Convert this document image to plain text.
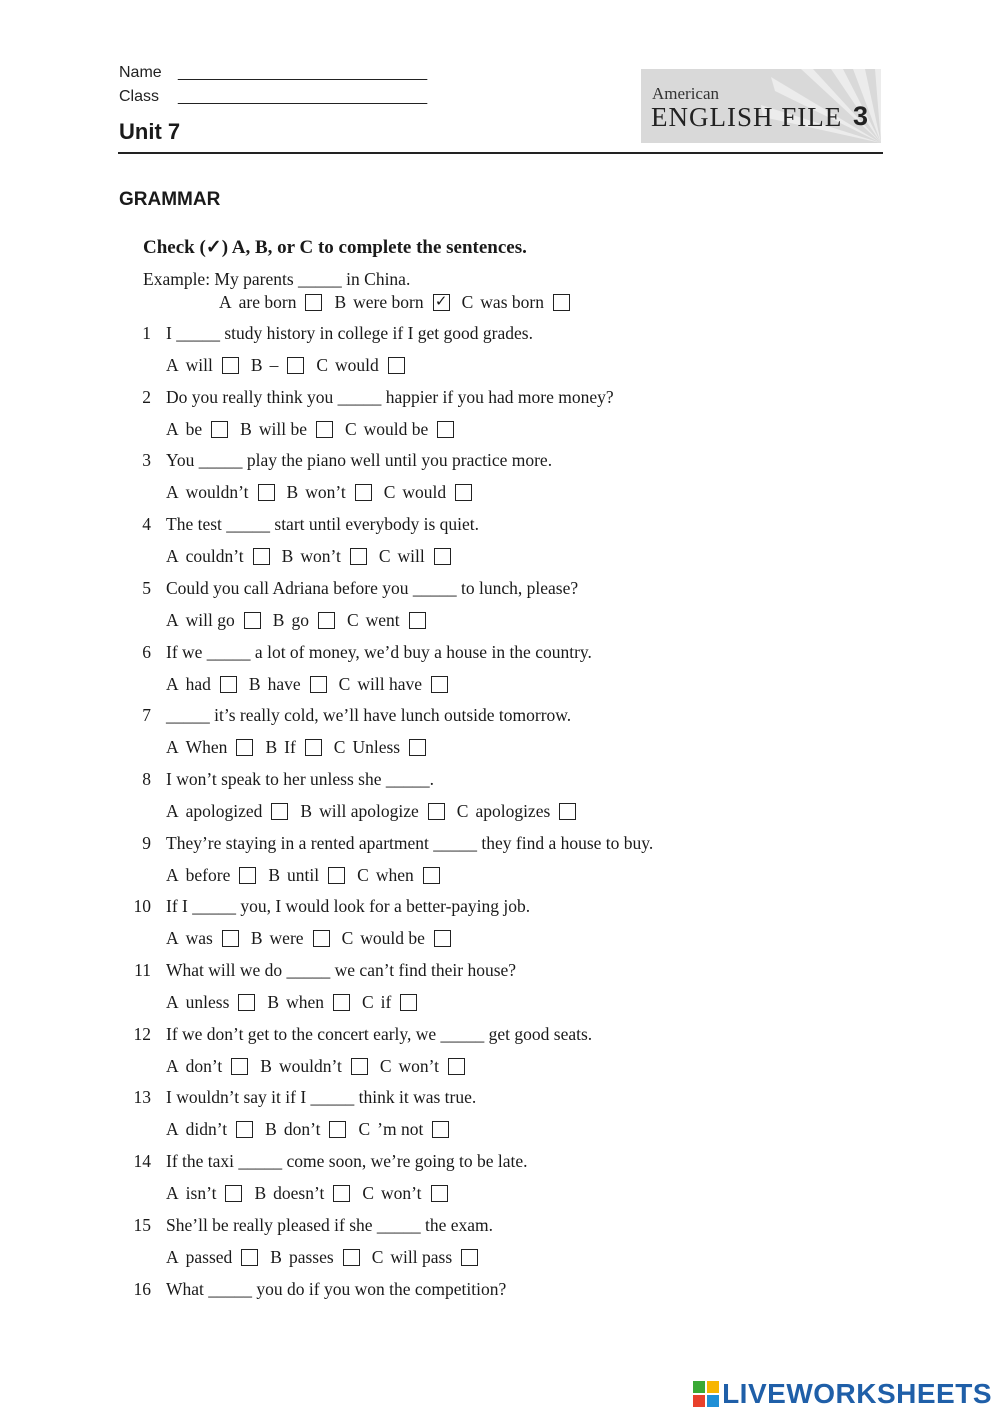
Name ____________________________
Class ____________________________
Unit 7
American
ENGLISH FILE 3
GRAMMAR
Check (✓) A, B, or C to complete the sentences.
Example: My parents _____ in China.
A are born B were born ✓ C was born
1 I _____ study history in college if I get good grades.
A will B – C would
2 Do you really think you _____ happier if you had more money?
A be B will be C would be
3 You _____ play the piano well until you practice more.
A wouldn’t B won’t C would
4 The test _____ start until everybody is quiet.
A couldn’t B won’t C will
5 Could you call Adriana before you _____ to lunch, please?
A will go B go C went
6 If we _____ a lot of money, we’d buy a house in the country.
A had B have C will have
7 _____ it’s really cold, we’ll have lunch outside tomorrow.
A When B If C Unless
8 I won’t speak to her unless she _____.
A apologized B will apologize C apologizes
9 They’re staying in a rented apartment _____ they find a house to buy.
A before B until C when
10 If I _____ you, I would look for a better-paying job.
A was B were C would be
11 What will we do _____ we can’t find their house?
A unless B when C if
12 If we don’t get to the concert early, we _____ get good seats.
A don’t B wouldn’t C won’t
13 I wouldn’t say it if I _____ think it was true.
A didn’t B don’t C ’m not
14 If the taxi _____ come soon, we’re going to be late.
A isn’t B doesn’t C won’t
15 She’ll be really pleased if she _____ the exam.
A passed B passes C will pass
16 What _____ you do if you won the competition?
LIVEWORKSHEETS
